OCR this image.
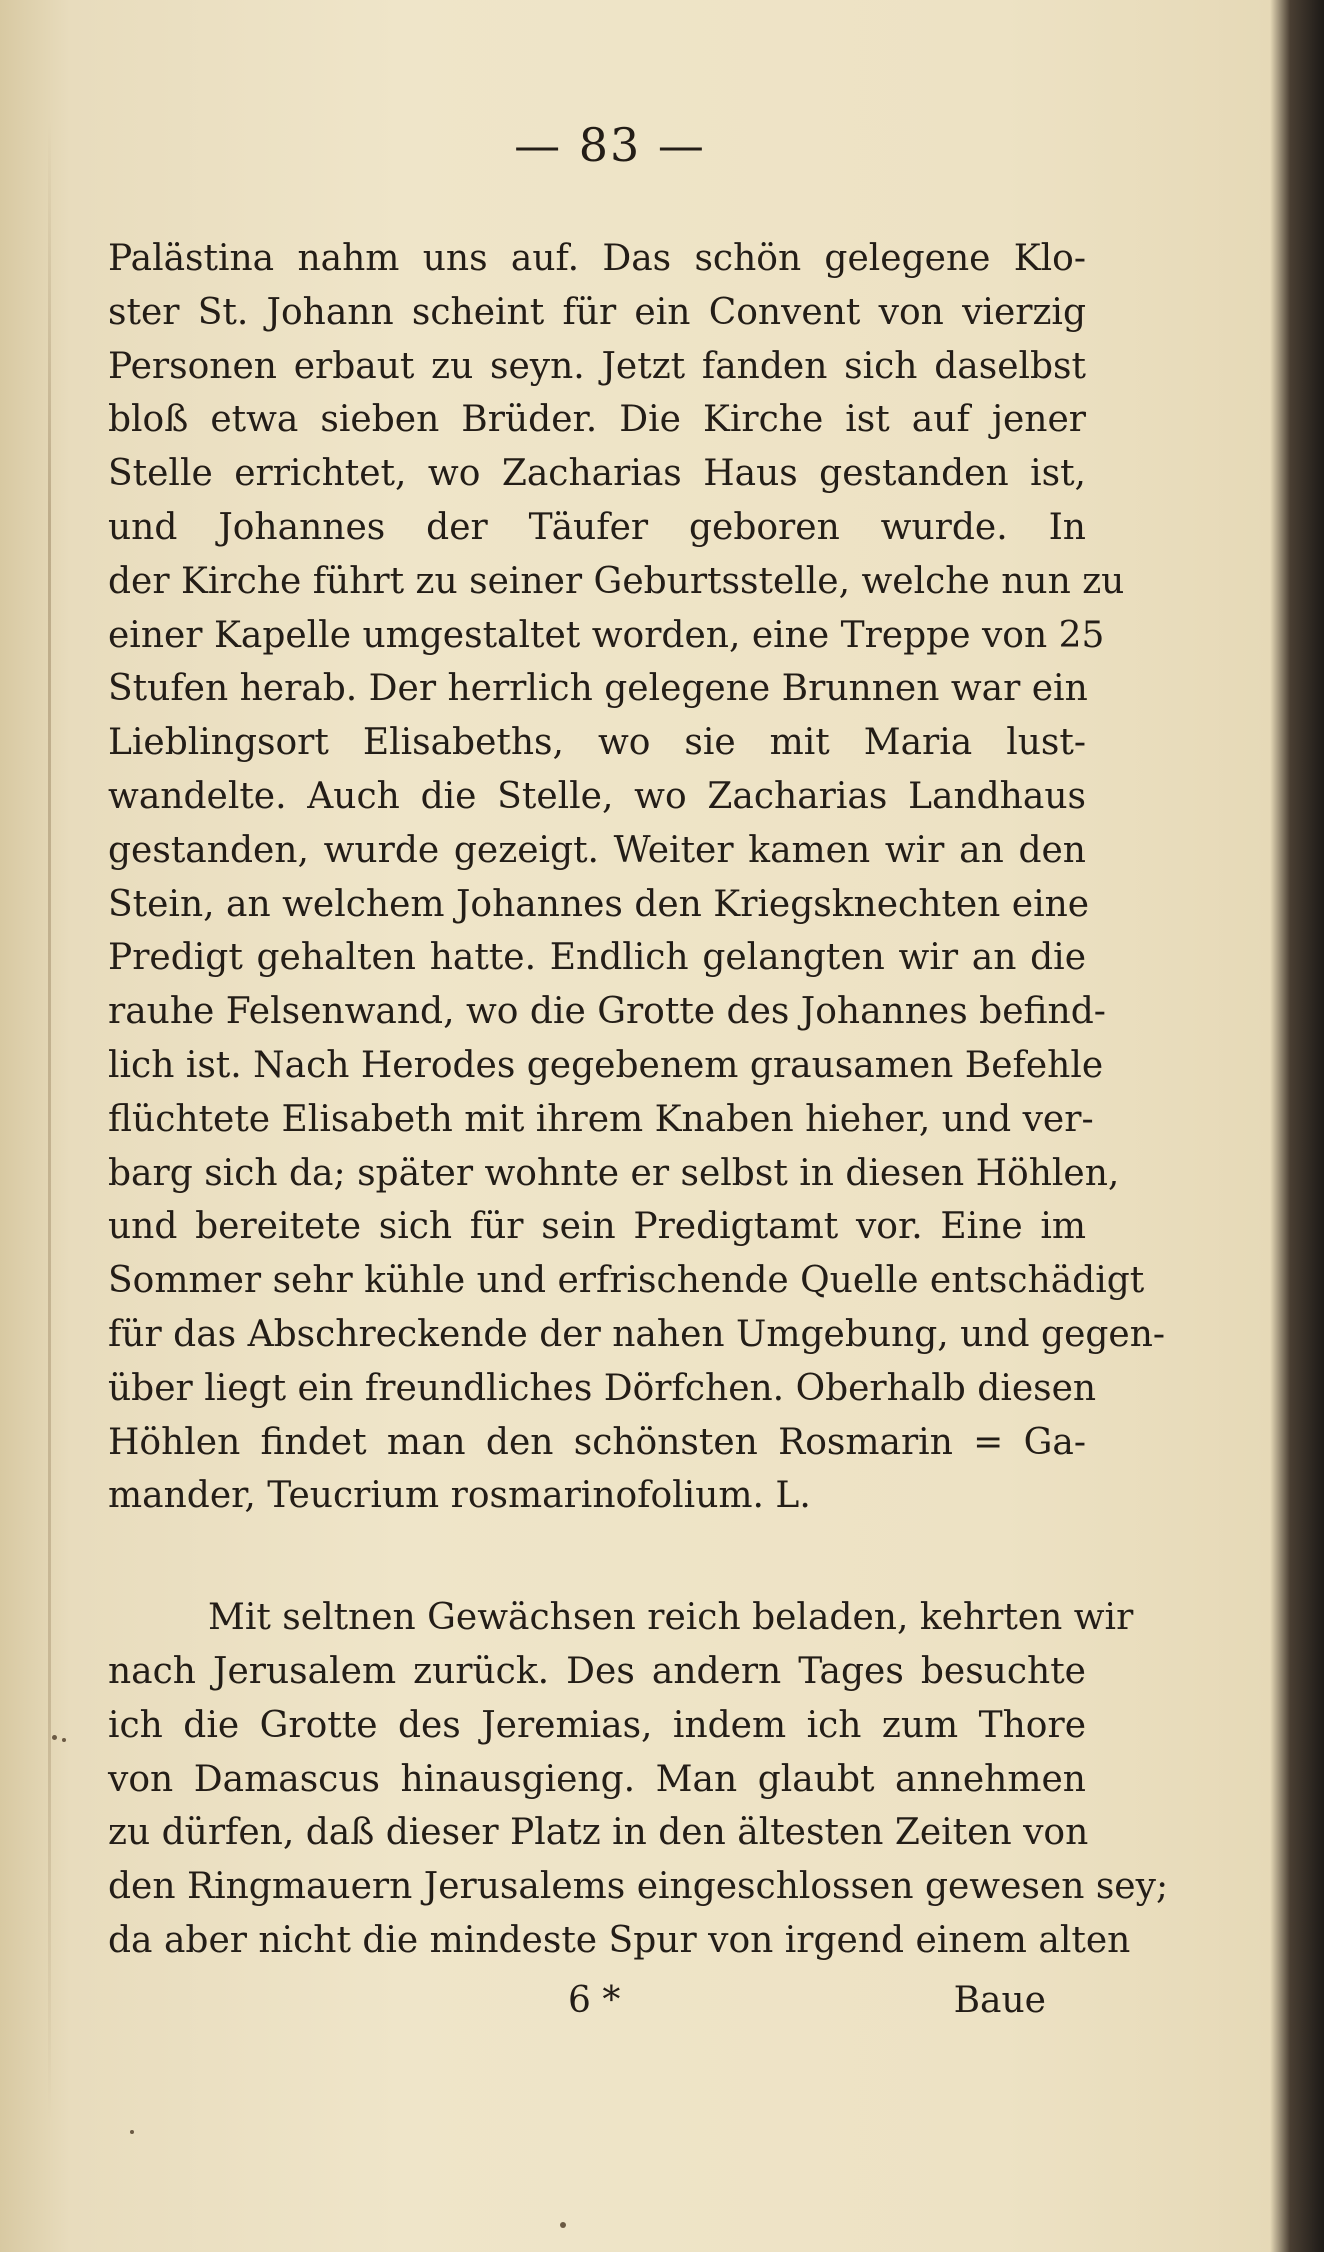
— 83 —
Palästina nahm uns auf. Das schön gelegene Klo-
ster St. Johann scheint für ein Convent von vierzig
Personen erbaut zu seyn. Jetzt fanden sich daselbst
bloß etwa sieben Brüder. Die Kirche ist auf jener
Stelle errichtet, wo Zacharias Haus gestanden ist,
und Johannes der Täufer geboren wurde. In
der Kirche führt zu seiner Geburtsstelle, welche nun zu
einer Kapelle umgestaltet worden, eine Treppe von 25
Stufen herab. Der herrlich gelegene Brunnen war ein
Lieblingsort Elisabeths, wo sie mit Maria lust-
wandelte. Auch die Stelle, wo Zacharias Landhaus
gestanden, wurde gezeigt. Weiter kamen wir an den
Stein, an welchem Johannes den Kriegsknechten eine
Predigt gehalten hatte. Endlich gelangten wir an die
rauhe Felsenwand, wo die Grotte des Johannes befind-
lich ist. Nach Herodes gegebenem grausamen Befehle
flüchtete Elisabeth mit ihrem Knaben hieher, und ver-
barg sich da; später wohnte er selbst in diesen Höhlen,
und bereitete sich für sein Predigtamt vor. Eine im
Sommer sehr kühle und erfrischende Quelle entschädigt
für das Abschreckende der nahen Umgebung, und gegen-
über liegt ein freundliches Dörfchen. Oberhalb diesen
Höhlen findet man den schönsten Rosmarin = Ga-
mander, Teucrium rosmarinofolium. L.
Mit seltnen Gewächsen reich beladen, kehrten wir
nach Jerusalem zurück. Des andern Tages besuchte
ich die Grotte des Jeremias, indem ich zum Thore
von Damascus hinausgieng. Man glaubt annehmen
zu dürfen, daß dieser Platz in den ältesten Zeiten von
den Ringmauern Jerusalems eingeschlossen gewesen sey;
da aber nicht die mindeste Spur von irgend einem alten
6 *	Baue
